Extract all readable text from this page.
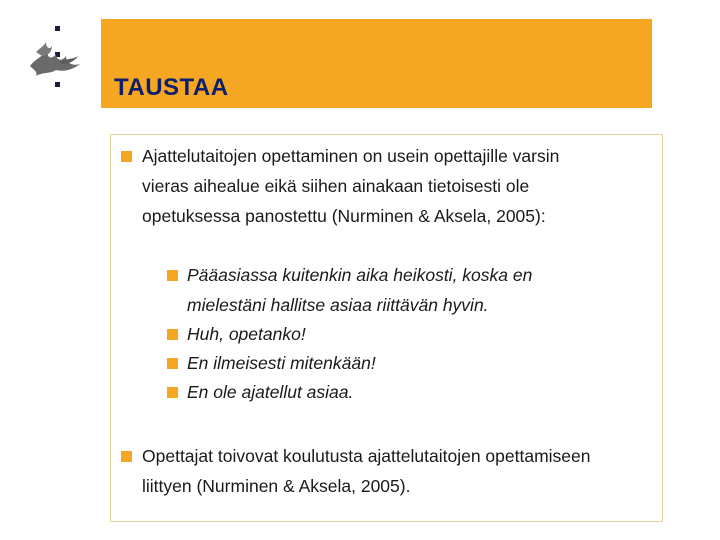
TAUSTAA
Ajattelutaitojen opettaminen on usein opettajille varsin
vieras aihealue eikä siihen ainakaan tietoisesti ole
opetuksessa panostettu (Nurminen & Aksela, 2005):
Pääasiassa kuitenkin aika heikosti, koska en
mielestäni hallitse asiaa riittävän hyvin.
Huh, opetanko!
En ilmeisesti mitenkään!
En ole ajatellut asiaa.
Opettajat toivovat koulutusta ajattelutaitojen opettamiseen
liittyen (Nurminen & Aksela, 2005).
